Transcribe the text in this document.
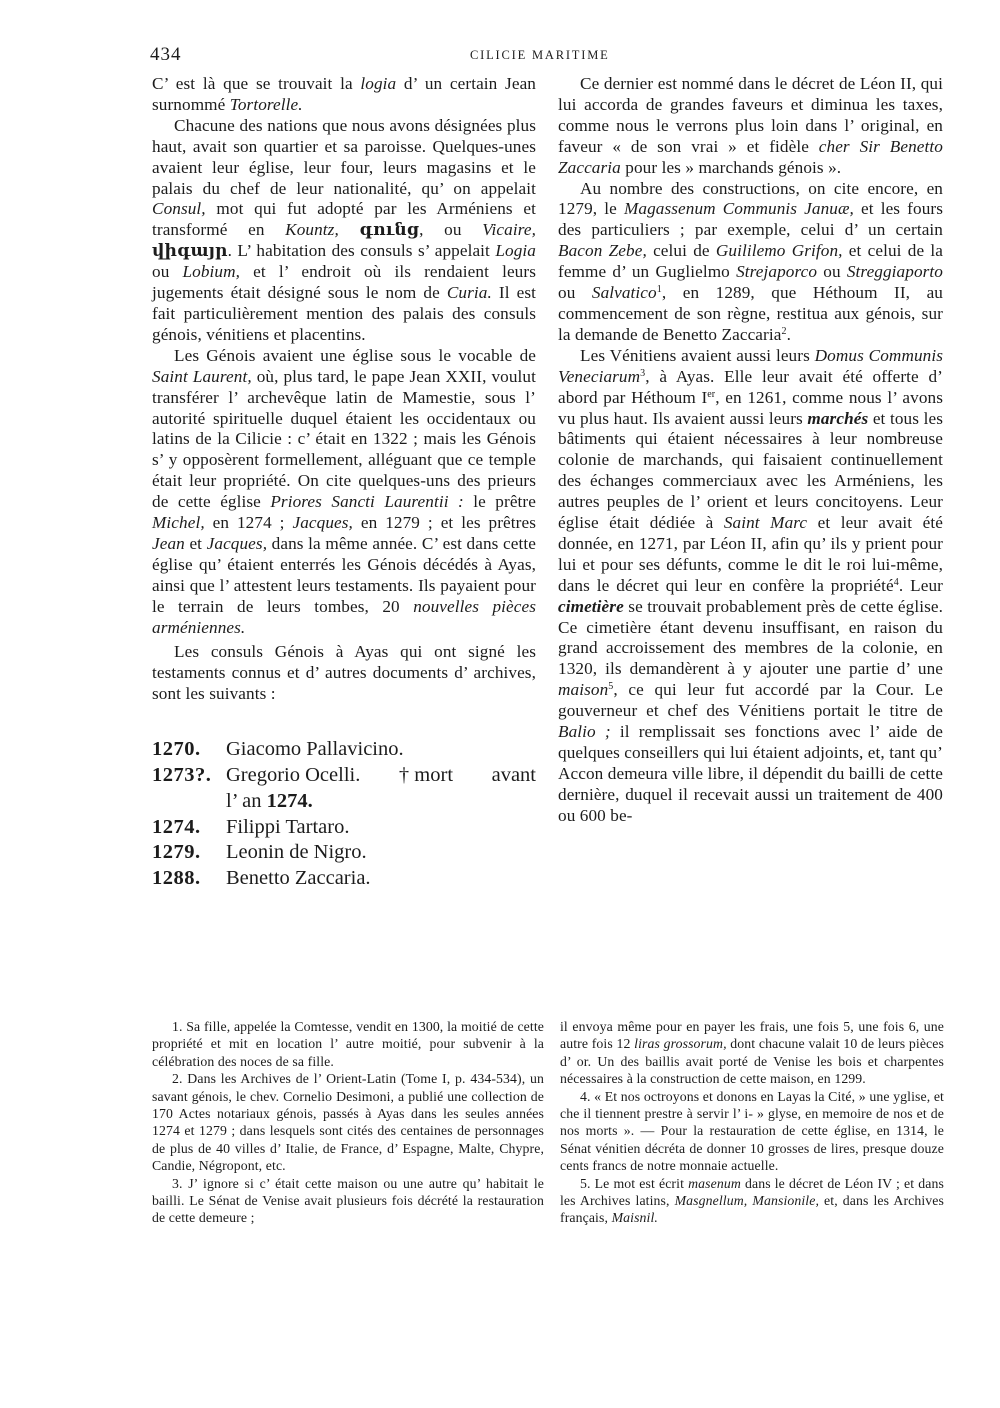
434	CILICIE MARITIME

C’ est là que se trouvait la logia d’ un certain Jean surnommé Tortorelle.

Chacune des nations que nous avons désignées plus haut, avait son quartier et sa paroisse. Quelques-unes avaient leur église, leur four, leurs magasins et le palais du chef de leur nationalité, qu’ on appelait Consul, mot qui fut adopté par les Arméniens et transformé en Kountz, գունց, ou Vicaire, վիգայր. L’ habitation des consuls s’ appelait Logia ou Lobium, et l’ endroit où ils rendaient leurs jugements était désigné sous le nom de Curia. Il est fait particulièrement mention des palais des consuls génois, vénitiens et placentins.

Les Génois avaient une église sous le vocable de Saint Laurent, où, plus tard, le pape Jean XXII, voulut transférer l’ archevêque latin de Mamestie, sous l’ autorité spirituelle duquel étaient les occidentaux ou latins de la Cilicie : c’ était en 1322 ; mais les Génois s’ y opposèrent formellement, alléguant que ce temple était leur propriété. On cite quelques-uns des prieurs de cette église Priores Sancti Laurentii : le prêtre Michel, en 1274 ; Jacques, en 1279 ; et les prêtres Jean et Jacques, dans la même année. C’ est dans cette église qu’ étaient enterrés les Génois décédés à Ayas, ainsi que l’ attestent leurs testaments. Ils payaient pour le terrain de leurs tombes, 20 nouvelles pièces arméniennes.

Les consuls Génois à Ayas qui ont signé les testaments connus et d’ autres documents d’ archives, sont les suivants :

1270.	Giacomo Pallavicino.
1273?. Gregorio Ocelli. † mort avant
l’ an 1274.
1274.	Filippi Tartaro.
1279.	Leonin de Nigro.
1288.	Benetto Zaccaria.

Ce dernier est nommé dans le décret de Léon II, qui lui accorda de grandes faveurs et diminua les taxes, comme nous le verrons plus loin dans l’ original, en faveur « de son vrai » et fidèle cher Sir Benetto Zaccaria pour les » marchands génois ».

Au nombre des constructions, on cite encore, en 1279, le Magassenum Communis Januæ, et les fours des particuliers ; par exemple, celui d’ un certain Bacon Zebe, celui de Guililemo Grifon, et celui de la femme d’ un Guglielmo Strejaporco ou Streggiaporto ou Salvatico$^1$, en 1289, que Héthoum II, au commencement de son règne, restitua aux génois, sur la demande de Benetto Zaccaria$^2$.

Les Vénitiens avaient aussi leurs Domus Communis Veneciarum$^3$, à Ayas. Elle leur avait été offerte d’ abord par Héthoum Ier, en 1261, comme nous l’ avons vu plus haut. Ils avaient aussi leurs marchés et tous les bâtiments qui étaient nécessaires à leur nombreuse colonie de marchands, qui faisaient continuellement des échanges commerciaux avec les Arméniens, les autres peuples de l’ orient et leurs concitoyens. Leur église était dédiée à Saint Marc et leur avait été donnée, en 1271, par Léon II, afin qu’ ils y prient pour lui et pour ses défunts, comme le dit le roi lui-même, dans le décret qui leur en confère la propriété$^4$. Leur cimetière se trouvait probablement près de cette église. Ce cimetière étant devenu insuffisant, en raison du grand accroissement des membres de la colonie, en 1320, ils demandèrent à y ajouter une partie d’ une maison$^5$, ce qui leur fut accordé par la Cour. Le gouverneur et chef des Vénitiens portait le titre de Balio ; il remplissait ses fonctions avec l’ aide de quelques conseillers qui lui étaient adjoints, et, tant qu’ Accon demeura ville libre, il dépendit du bailli de cette dernière, duquel il recevait aussi un traitement de 400 ou 600 be-

1. Sa fille, appelée la Comtesse, vendit en 1300, la moitié de cette propriété et mit en location l’ autre moitié, pour subvenir à la célébration des noces de sa fille.

2. Dans les Archives de l’ Orient-Latin (Tome I, p. 434-534), un savant génois, le chev. Cornelio Desimoni, a publié une collection de 170 Actes notariaux génois, passés à Ayas dans les seules années 1274 et 1279 ; dans lesquels sont cités des centaines de personnages de plus de 40 villes d’ Italie, de France, d’ Espagne, Malte, Chypre, Candie, Négropont, etc.

3. J’ ignore si c’ était cette maison ou une autre qu’ habitait le bailli. Le Sénat de Venise avait plusieurs fois décrété la restauration de cette demeure ;

il envoya même pour en payer les frais, une fois 5, une fois 6, une autre fois 12 liras grossorum, dont chacune valait 10 de leurs pièces d’ or. Un des baillis avait porté de Venise les bois et charpentes nécessaires à la construction de cette maison, en 1299.

4. « Et nos octroyons et donons en Layas la Cité, » une yglise, et che il tiennent prestre à servir l’ i- » glyse, en memoire de nos et de nos morts ». — Pour la restauration de cette église, en 1314, le Sénat vénitien décréta de donner 10 grosses de lires, presque douze cents francs de notre monnaie actuelle.

5. Le mot est écrit masenum dans le décret de Léon IV ; et dans les Archives latins, Masgnellum, Mansionile, et, dans les Archives français, Maisnil.
